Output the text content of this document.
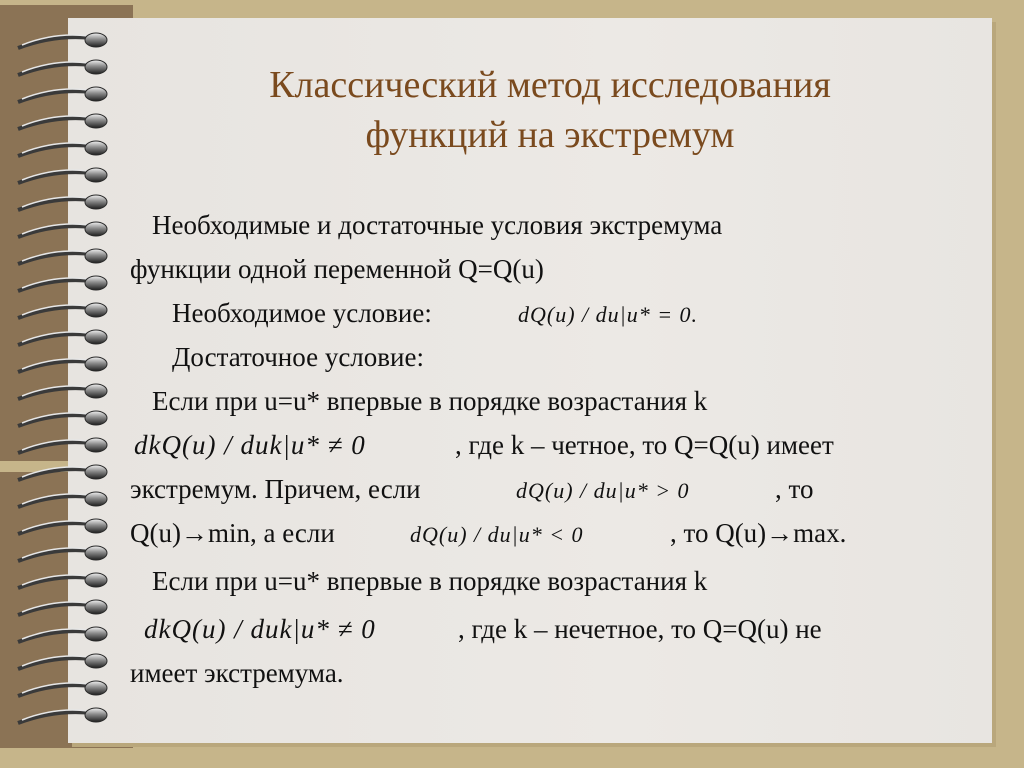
Классический метод исследования
функций на экстремум
Необходимые и достаточные условия экстремума
функции одной переменной Q=Q(u)
Необходимое условие:	dQ(u) / du|u* = 0.
Достаточное условие:
Если при u=u* впервые в порядке возрастания k
dkQ(u) / duk|u* ≠ 0	, где k – четное, то Q=Q(u) имеет
экстремум. Причем, если	dQ(u) / du|u* > 0	, то
Q(u)→min, а если	dQ(u) / du|u* < 0	, то Q(u)→max.
Если при u=u* впервые в порядке возрастания k
dkQ(u) / duk|u* ≠ 0	, где k – нечетное, то Q=Q(u) не
имеет экстремума.
